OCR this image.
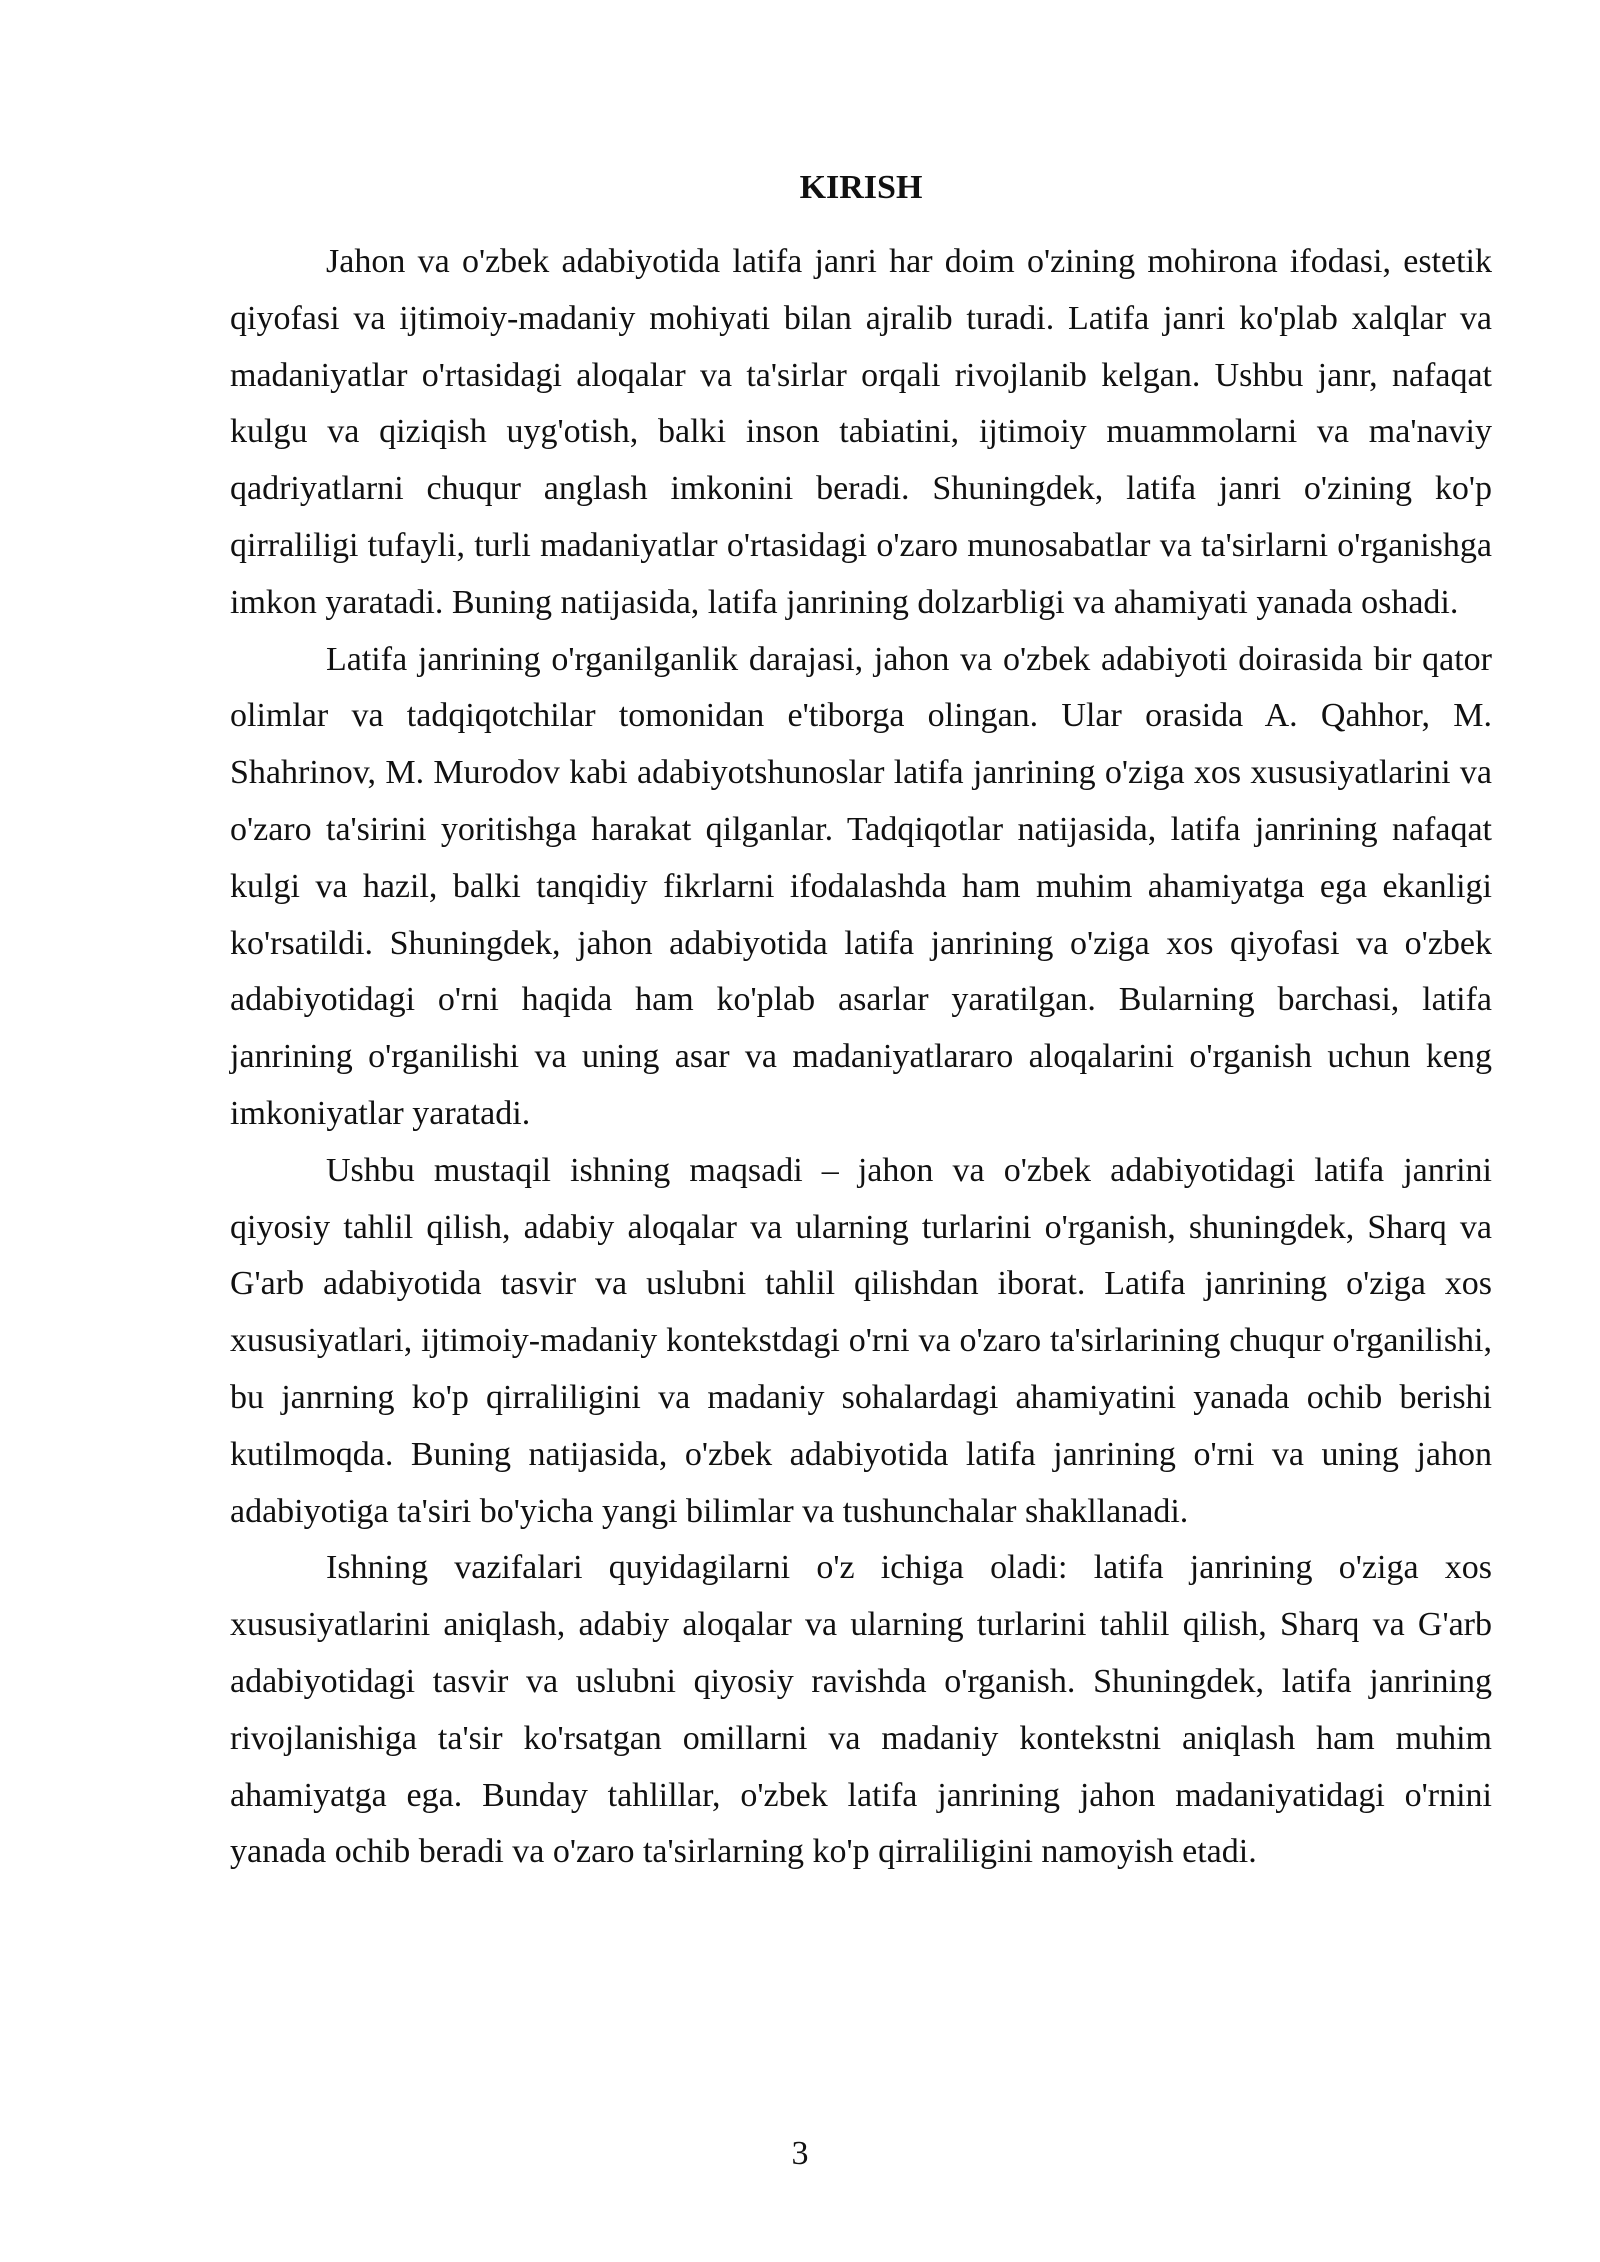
KIRISH

Jahon va o'zbek adabiyotida latifa janri har doim o'zining mohirona ifodasi, estetik qiyofasi va ijtimoiy-madaniy mohiyati bilan ajralib turadi. Latifa janri ko'plab xalqlar va madaniyatlar o'rtasidagi aloqalar va ta'sirlar orqali rivojlanib kelgan. Ushbu janr, nafaqat kulgu va qiziqish uyg'otish, balki inson tabiatini, ijtimoiy muammolarni va ma'naviy qadriyatlarni chuqur anglash imkonini beradi. Shuningdek, latifa janri o'zining ko'p qirraliligi tufayli, turli madaniyatlar o'rtasidagi o'zaro munosabatlar va ta'sirlarni o'rganishga imkon yaratadi. Buning natijasida, latifa janrining dolzarbligi va ahamiyati yanada oshadi.

Latifa janrining o'rganilganlik darajasi, jahon va o'zbek adabiyoti doirasida bir qator olimlar va tadqiqotchilar tomonidan e'tiborga olingan. Ular orasida A. Qahhor, M. Shahrinov, M. Murodov kabi adabiyotshunoslar latifa janrining o'ziga xos xususiyatlarini va o'zaro ta'sirini yoritishga harakat qilganlar. Tadqiqotlar natijasida, latifa janrining nafaqat kulgi va hazil, balki tanqidiy fikrlarni ifodalashda ham muhim ahamiyatga ega ekanligi ko'rsatildi. Shuningdek, jahon adabiyotida latifa janrining o'ziga xos qiyofasi va o'zbek adabiyotidagi o'rni haqida ham ko'plab asarlar yaratilgan. Bularning barchasi, latifa janrining o'rganilishi va uning asar va madaniyatlararo aloqalarini o'rganish uchun keng imkoniyatlar yaratadi.

Ushbu mustaqil ishning maqsadi – jahon va o'zbek adabiyotidagi latifa janrini qiyosiy tahlil qilish, adabiy aloqalar va ularning turlarini o'rganish, shuningdek, Sharq va G'arb adabiyotida tasvir va uslubni tahlil qilishdan iborat. Latifa janrining o'ziga xos xususiyatlari, ijtimoiy-madaniy kontekstdagi o'rni va o'zaro ta'sirlarining chuqur o'rganilishi, bu janrning ko'p qirraliligini va madaniy sohalardagi ahamiyatini yanada ochib berishi kutilmoqda. Buning natijasida, o'zbek adabiyotida latifa janrining o'rni va uning jahon adabiyotiga ta'siri bo'yicha yangi bilimlar va tushunchalar shakllanadi.

Ishning vazifalari quyidagilarni o'z ichiga oladi: latifa janrining o'ziga xos xususiyatlarini aniqlash, adabiy aloqalar va ularning turlarini tahlil qilish, Sharq va G'arb adabiyotidagi tasvir va uslubni qiyosiy ravishda o'rganish. Shuningdek, latifa janrining rivojlanishiga ta'sir ko'rsatgan omillarni va madaniy kontekstni aniqlash ham muhim ahamiyatga ega. Bunday tahlillar, o'zbek latifa janrining jahon madaniyatidagi o'rnini yanada ochib beradi va o'zaro ta'sirlarning ko'p qirraliligini namoyish etadi.

3
